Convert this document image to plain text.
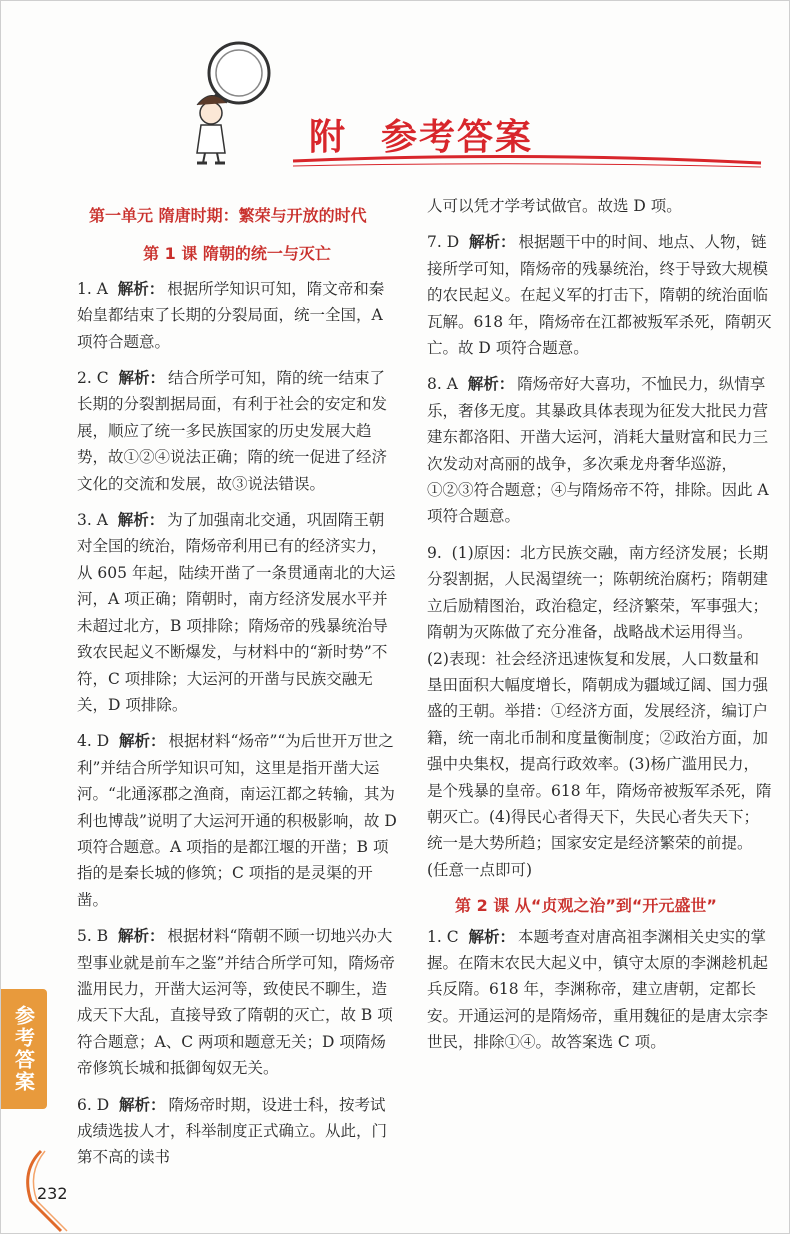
附 参考答案
第一单元 隋唐时期：繁荣与开放的时代
第 1 课 隋朝的统一与灭亡

1. A 解析： 根据所学知识可知，隋文帝和秦始皇都结束了长期的分裂局面，统一全国，A 项符合题意。

2. C 解析： 结合所学可知，隋的统一结束了长期的分裂割据局面，有利于社会的安定和发展，顺应了统一多民族国家的历史发展大趋势，故①②④说法正确；隋的统一促进了经济文化的交流和发展，故③说法错误。

3. A 解析： 为了加强南北交通，巩固隋王朝对全国的统治，隋炀帝利用已有的经济实力，从 605 年起，陆续开凿了一条贯通南北的大运河，A 项正确；隋朝时，南方经济发展水平并未超过北方，B 项排除；隋炀帝的残暴统治导致农民起义不断爆发，与材料中的“新时势”不符，C 项排除；大运河的开凿与民族交融无关，D 项排除。

4. D 解析： 根据材料“炀帝”“为后世开万世之利”并结合所学知识可知，这里是指开凿大运河。“北通涿郡之渔商，南运江都之转输，其为利也博哉”说明了大运河开通的积极影响，故 D 项符合题意。A 项指的是都江堰的开凿；B 项指的是秦长城的修筑；C 项指的是灵渠的开凿。

5. B 解析： 根据材料“隋朝不顾一切地兴办大型事业就是前车之鉴”并结合所学可知，隋炀帝滥用民力，开凿大运河等，致使民不聊生，造成天下大乱，直接导致了隋朝的灭亡，故 B 项符合题意；A、C 两项和题意无关；D 项隋炀帝修筑长城和抵御匈奴无关。

6. D 解析： 隋炀帝时期，设进士科，按考试成绩选拔人才，科举制度正式确立。从此，门第不高的读书

人可以凭才学考试做官。故选 D 项。

7. D 解析： 根据题干中的时间、地点、人物，链接所学可知，隋炀帝的残暴统治，终于导致大规模的农民起义。在起义军的打击下，隋朝的统治面临瓦解。618 年，隋炀帝在江都被叛军杀死，隋朝灭亡。故 D 项符合题意。

8. A 解析： 隋炀帝好大喜功，不恤民力，纵情享乐，奢侈无度。其暴政具体表现为征发大批民力营建东都洛阳、开凿大运河，消耗大量财富和民力三次发动对高丽的战争，多次乘龙舟奢华巡游，①②③符合题意；④与隋炀帝不符，排除。因此 A 项符合题意。

9. (1)原因：北方民族交融，南方经济发展；长期分裂割据，人民渴望统一；陈朝统治腐朽；隋朝建立后励精图治，政治稳定，经济繁荣，军事强大；隋朝为灭陈做了充分准备，战略战术运用得当。(2)表现：社会经济迅速恢复和发展，人口数量和垦田面积大幅度增长，隋朝成为疆域辽阔、国力强盛的王朝。举措：①经济方面，发展经济，编订户籍，统一南北币制和度量衡制度；②政治方面，加强中央集权，提高行政效率。(3)杨广滥用民力，是个残暴的皇帝。618 年，隋炀帝被叛军杀死，隋朝灭亡。(4)得民心者得天下，失民心者失天下；统一是大势所趋；国家安定是经济繁荣的前提。(任意一点即可)

第 2 课 从“贞观之治”到“开元盛世”

1. C 解析： 本题考查对唐高祖李渊相关史实的掌握。在隋末农民大起义中，镇守太原的李渊趁机起兵反隋。618 年，李渊称帝，建立唐朝，定都长安。开通运河的是隋炀帝，重用魏征的是唐太宗李世民，排除①④。故答案选 C 项。

参考答案
232
